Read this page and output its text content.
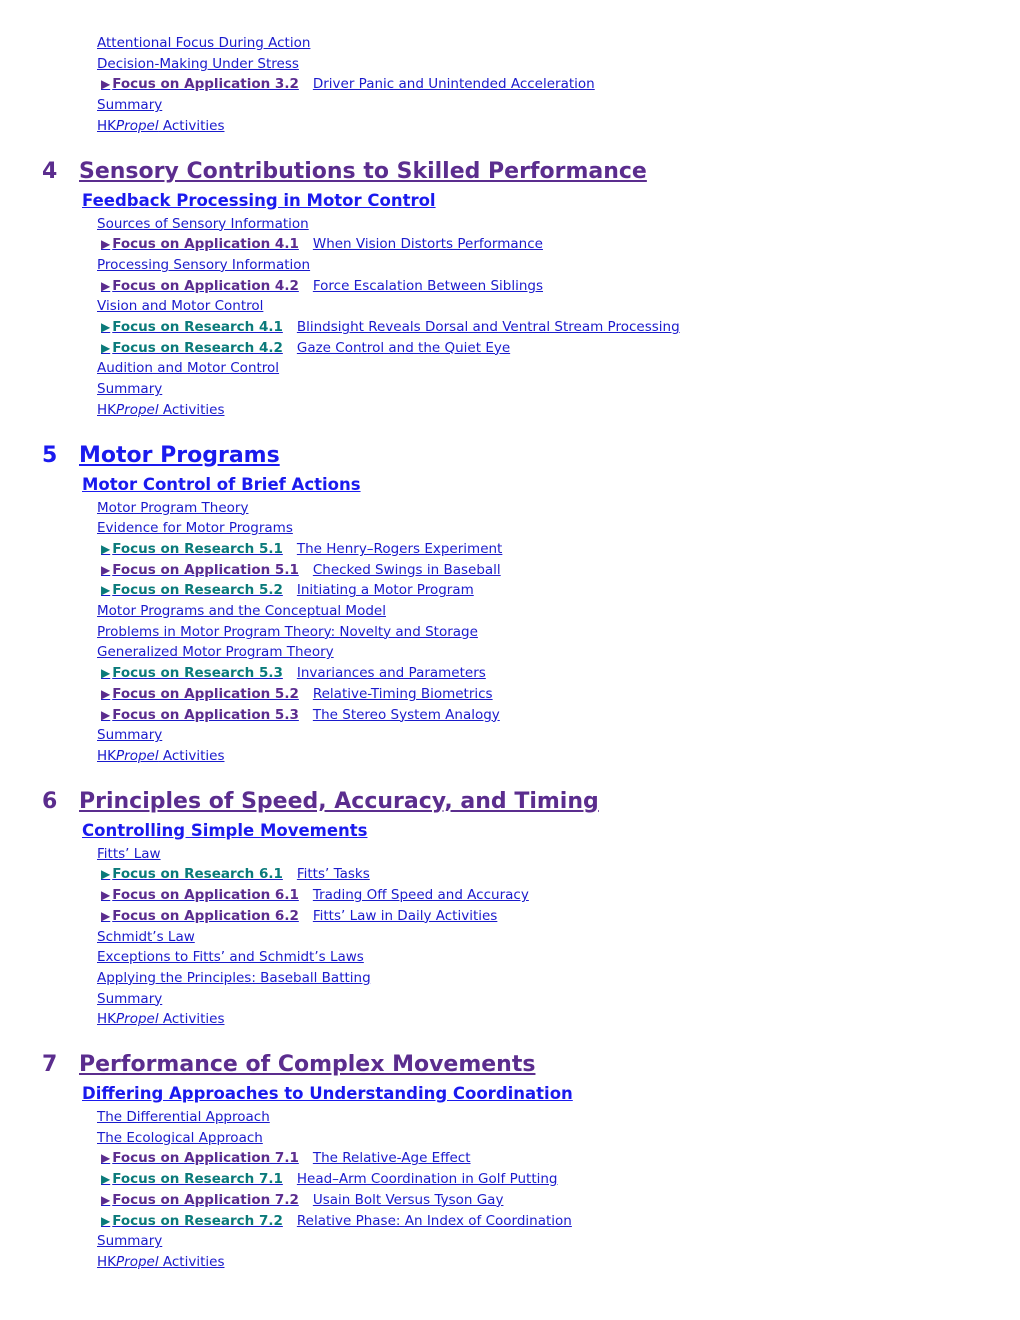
Attentional Focus During Action
Decision-Making Under Stress
▶ Focus on Application 3.2 Driver Panic and Unintended Acceleration
Summary
HKPropel Activities
4 Sensory Contributions to Skilled Performance
Feedback Processing in Motor Control
Sources of Sensory Information
▶ Focus on Application 4.1 When Vision Distorts Performance
Processing Sensory Information
▶ Focus on Application 4.2 Force Escalation Between Siblings
Vision and Motor Control
▶ Focus on Research 4.1 Blindsight Reveals Dorsal and Ventral Stream Processing
▶ Focus on Research 4.2 Gaze Control and the Quiet Eye
Audition and Motor Control
Summary
HKPropel Activities
5 Motor Programs
Motor Control of Brief Actions
Motor Program Theory
Evidence for Motor Programs
▶ Focus on Research 5.1 The Henry–Rogers Experiment
▶ Focus on Application 5.1 Checked Swings in Baseball
▶ Focus on Research 5.2 Initiating a Motor Program
Motor Programs and the Conceptual Model
Problems in Motor Program Theory: Novelty and Storage
Generalized Motor Program Theory
▶ Focus on Research 5.3 Invariances and Parameters
▶ Focus on Application 5.2 Relative-Timing Biometrics
▶ Focus on Application 5.3 The Stereo System Analogy
Summary
HKPropel Activities
6 Principles of Speed, Accuracy, and Timing
Controlling Simple Movements
Fitts’ Law
▶ Focus on Research 6.1 Fitts’ Tasks
▶ Focus on Application 6.1 Trading Off Speed and Accuracy
▶ Focus on Application 6.2 Fitts’ Law in Daily Activities
Schmidt’s Law
Exceptions to Fitts’ and Schmidt’s Laws
Applying the Principles: Baseball Batting
Summary
HKPropel Activities
7 Performance of Complex Movements
Differing Approaches to Understanding Coordination
The Differential Approach
The Ecological Approach
▶ Focus on Application 7.1 The Relative-Age Effect
▶ Focus on Research 7.1 Head–Arm Coordination in Golf Putting
▶ Focus on Application 7.2 Usain Bolt Versus Tyson Gay
▶ Focus on Research 7.2 Relative Phase: An Index of Coordination
Summary
HKPropel Activities
